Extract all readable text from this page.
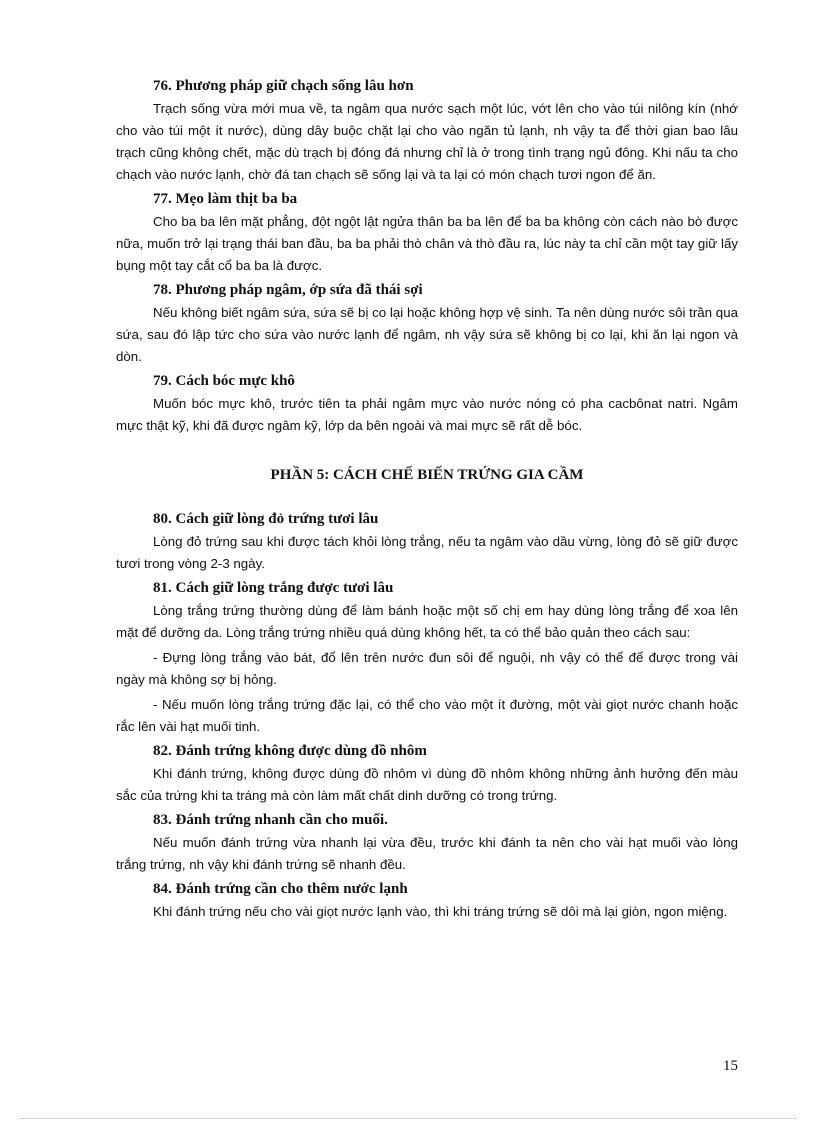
76. Phương pháp giữ chạch sống lâu hơn

Trạch sống vừa mới mua về, ta ngâm qua nước sạch một lúc, vớt lên cho vào túi nilông kín (nhớ cho vào túi một ít nước), dùng dây buộc chặt lại cho vào ngăn tủ lạnh, nh vậy ta để thời gian bao lâu trạch cũng không chết, mặc dù trạch bị đóng đá nhưng chỉ là ở trong tình trạng ngủ đông. Khi nấu ta cho chạch vào nước lạnh, chờ đá tan chạch sẽ sống lại và ta lại có món chạch tươi ngon để ăn.

77. Mẹo làm thịt ba ba

Cho ba ba lên mặt phẳng, đột ngột lật ngửa thân ba ba lên để ba ba không còn cách nào bò được nữa, muốn trở lại trạng thái ban đầu, ba ba phải thò chân và thò đầu ra, lúc này ta chỉ cần một tay giữ lấy bụng một tay cắt cổ ba ba là được.

78. Phương pháp ngâm, ớp sứa đã thái sợi

Nếu không biết ngâm sứa, sứa sẽ bị co lại hoặc không hợp vệ sinh. Ta nên dùng nước sôi trần qua sứa, sau đó lập tức cho sứa vào nước lạnh để ngâm, nh vậy sứa sẽ không bị co lại, khi ăn lại ngon và dòn.

79. Cách bóc mực khô

Muốn bóc mực khô, trước tiên ta phải ngâm mực vào nước nóng có pha cacbônat natri. Ngâm mực thật kỹ, khi đã được ngâm kỹ, lớp da bên ngoài và mai mực sẽ rất dễ bóc.

PHẦN 5: CÁCH CHẾ BIẾN TRỨNG GIA CẦM
80. Cách giữ lòng đỏ trứng tươi lâu

Lòng đỏ trứng sau khi được tách khỏi lòng trắng, nếu ta ngâm vào dầu vừng, lòng đỏ sẽ giữ được tươi trong vòng 2-3 ngày.

81. Cách giữ lòng trắng được tươi lâu

Lòng trắng trứng thường dùng để làm bánh hoặc một số chị em hay dùng lòng trắng để xoa lên mặt để dưỡng da. Lòng trắng trứng nhiều quá dùng không hết, ta có thể bảo quản theo cách sau:

- Đựng lòng trắng vào bát, đổ lên trên nước đun sôi để nguội, nh vậy có thể để được trong vài ngày mà không sợ bị hỏng.

- Nếu muốn lòng trắng trứng đặc lại, có thể cho vào một ít đường, một vài giọt nước chanh hoặc rắc lên vài hạt muối tinh.

82. Đánh trứng không được dùng đồ nhôm

Khi đánh trứng, không được dùng đồ nhôm vì dùng đồ nhôm không những ảnh hưởng đến màu sắc của trứng khi ta tráng mà còn làm mất chất dinh dưỡng có trong trứng.

83. Đánh trứng nhanh cần cho muối.

Nếu muốn đánh trứng vừa nhanh lại vừa đều, trước khi đánh ta nên cho vài hạt muối vào lòng trắng trứng, nh vậy khi đánh trứng sẽ nhanh đều.

84. Đánh trứng cần cho thêm nước lạnh

Khi đánh trứng nếu cho vài giọt nước lạnh vào, thì khi tráng trứng sẽ dôi mà lại giòn, ngon miệng.

15
